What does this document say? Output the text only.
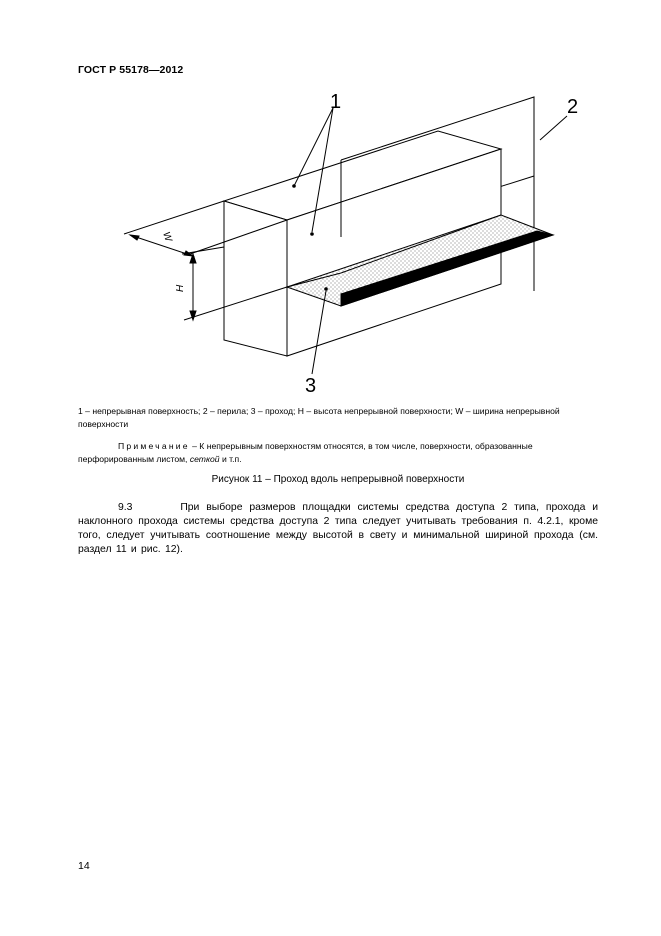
ГОСТ Р 55178—2012
1	2
3
W
H
1 – непрерывная поверхность; 2 – перила; 3 – проход; H – высота непрерывной поверхности; W – ширина непрерывной поверхности
Примечание – К непрерывным поверхностям относятся, в том числе, поверхности, образованные перфорированным листом, сеткой и т.п.
Рисунок 11 – Проход вдоль непрерывной поверхности
9.3       При выборе размеров площадки системы средства доступа 2 типа, прохода и наклонного прохода системы средства доступа 2 типа следует учитывать требования п. 4.2.1, кроме того, следует учитывать соотношение между высотой в свету и минимальной шириной прохода (см. раздел 11 и рис. 12).
14
